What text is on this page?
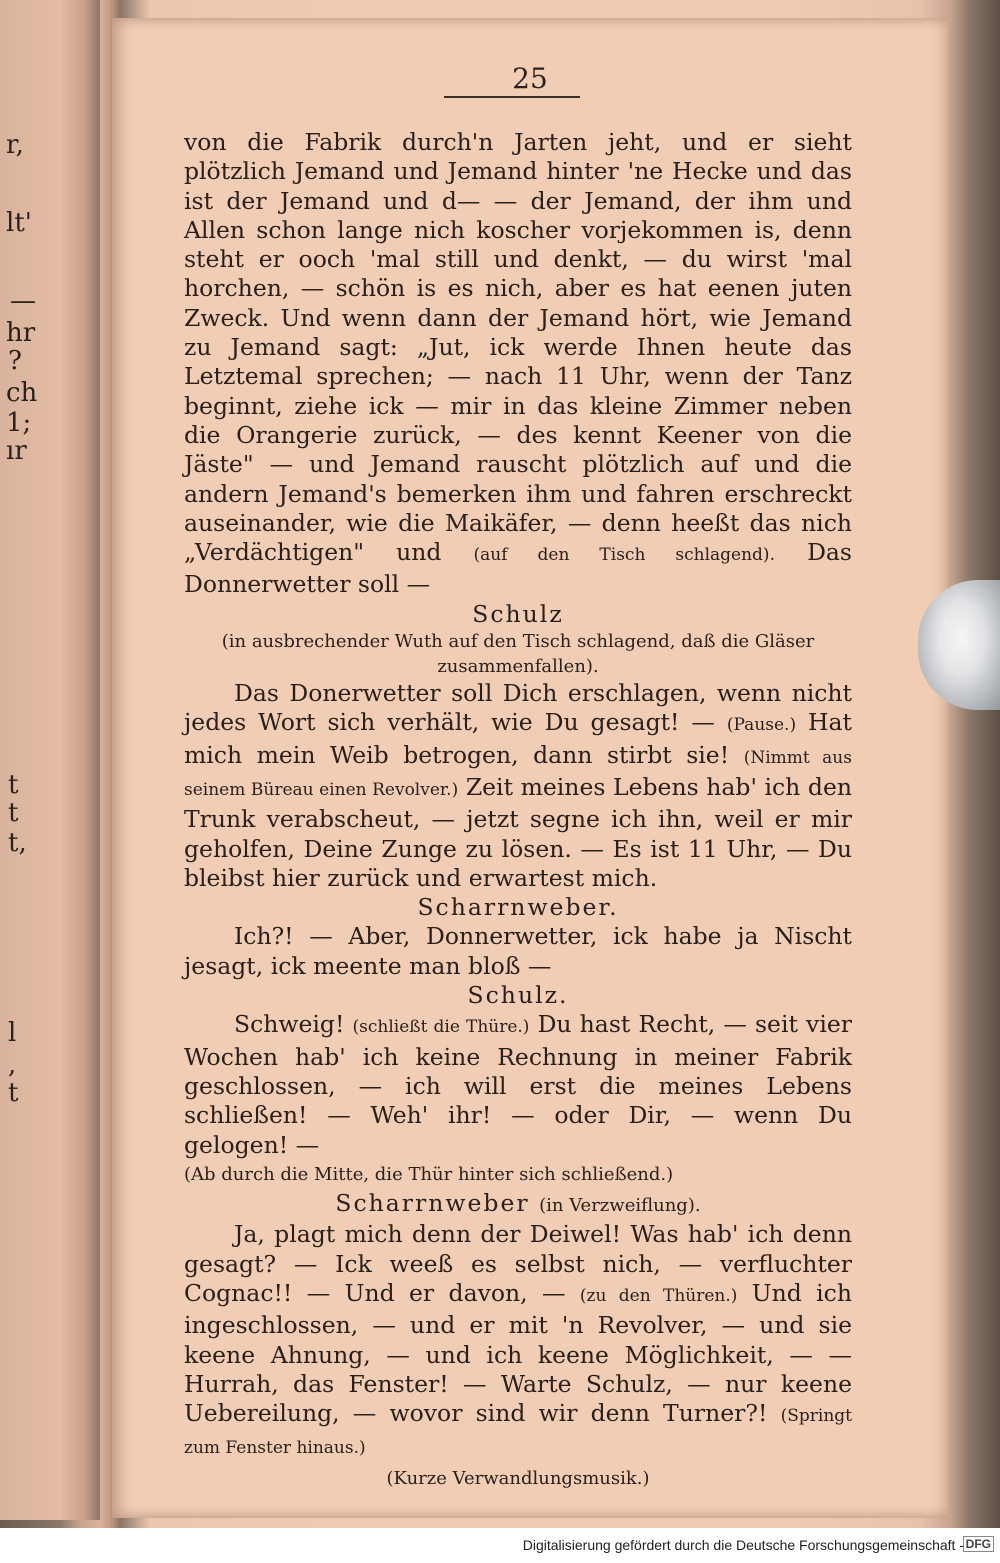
r,
lt'
—
hr
?
ch
1;
ır
t
t
t,
l
,
t

25

von die Fabrik durch'n Jarten jeht, und er sieht plötzlich Jemand und Jemand hinter 'ne Hecke und das ist der Jemand und d— — der Jemand, der ihm und Allen schon lange nich koscher vorjekommen is, denn steht er ooch 'mal still und denkt, — du wirst 'mal horchen, — schön is es nich, aber es hat eenen juten Zweck. Und wenn dann der Jemand hört, wie Jemand zu Jemand sagt: „Jut, ick werde Ihnen heute das Letztemal sprechen; — nach 11 Uhr, wenn der Tanz beginnt, ziehe ick — mir in das kleine Zimmer neben die Orangerie zurück, — des kennt Keener von die Jäste" — und Jemand rauscht plötzlich auf und die andern Jemand's bemerken ihm und fahren erschreckt auseinander, wie die Maikäfer, — denn heeßt das nich „Verdächtigen" und (auf den Tisch schlagend). Das Donnerwetter soll —

Schulz

(in ausbrechender Wuth auf den Tisch schlagend, daß die Gläser zusammenfallen).

Das Donerwetter soll Dich erschlagen, wenn nicht jedes Wort sich verhält, wie Du gesagt! — (Pause.) Hat mich mein Weib betrogen, dann stirbt sie! (Nimmt aus seinem Büreau einen Revolver.) Zeit meines Lebens hab' ich den Trunk verabscheut, — jetzt segne ich ihn, weil er mir geholfen, Deine Zunge zu lösen. — Es ist 11 Uhr, — Du bleibst hier zurück und erwartest mich.

Scharrnweber.

Ich?! — Aber, Donnerwetter, ick habe ja Nischt jesagt, ick meente man bloß —

Schulz.

Schweig! (schließt die Thüre.) Du hast Recht, — seit vier Wochen hab' ich keine Rechnung in meiner Fabrik geschlossen, — ich will erst die meines Lebens schließen! — Weh' ihr! — oder Dir, — wenn Du gelogen! —

(Ab durch die Mitte, die Thür hinter sich schließend.)

Scharrnweber (in Verzweiflung).

Ja, plagt mich denn der Deiwel! Was hab' ich denn gesagt? — Ick weeß es selbst nich, — verfluchter Cognac!! — Und er davon, — (zu den Thüren.) Und ich ingeschlossen, — und er mit 'n Revolver, — und sie keene Ahnung, — und ich keene Möglichkeit, — — Hurrah, das Fenster! — Warte Schulz, — nur keene Uebereilung, — wovor sind wir denn Turner?! (Springt zum Fenster hinaus.)

(Kurze Verwandlungsmusik.)

Digitalisierung gefördert durch die Deutsche Forschungsgemeinschaft - DFG
